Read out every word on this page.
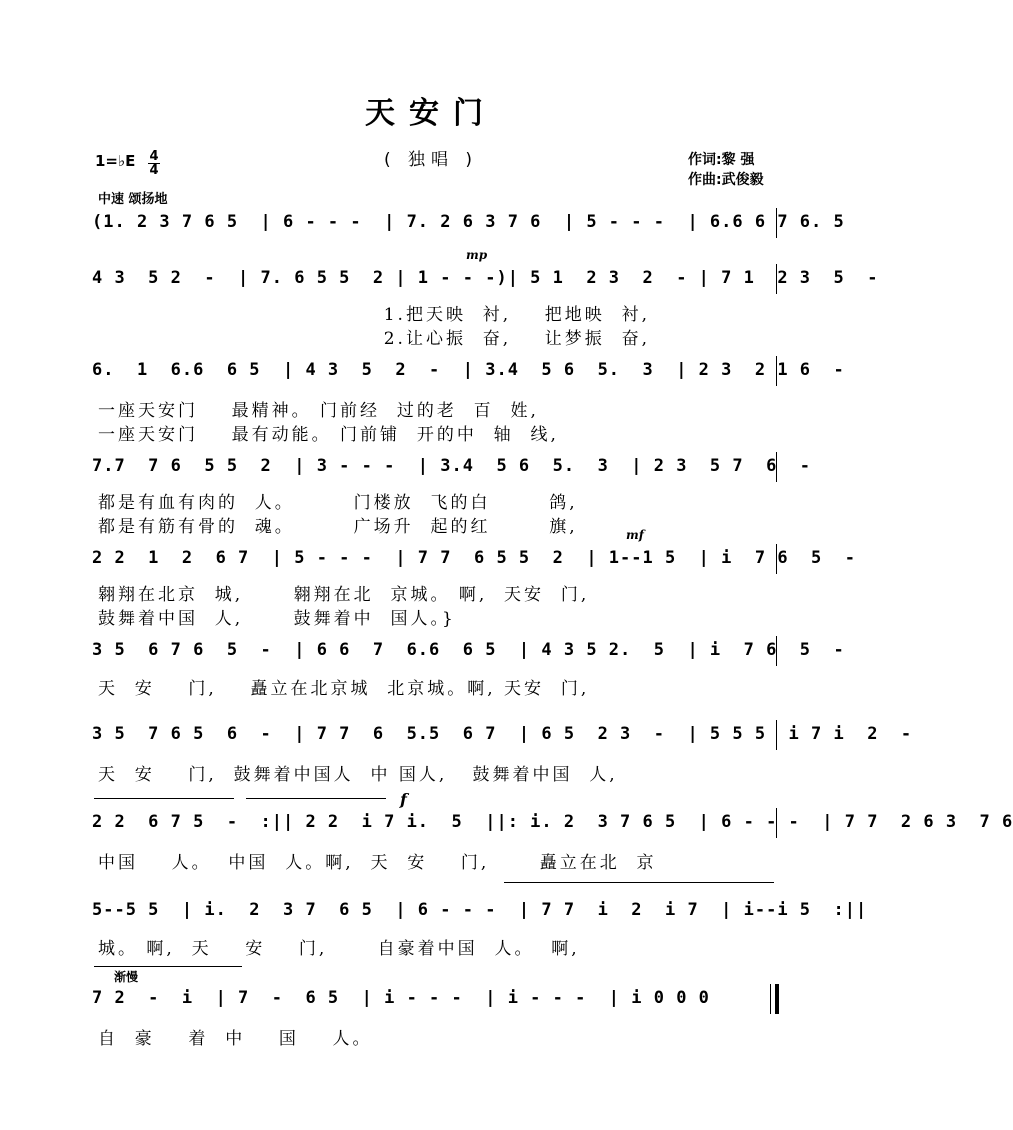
天安门
( 独唱 )
1=♭E 4
4
中速 颂扬地
作词:黎 强
作曲:武俊毅
(1. 2 3 7 6 5  | 6 - - -  | 7. 2 6 3 7 6  | 5 - - -  | 6.6 6 7 6. 5
mp
4 3  5 2  -  | 7. 6 5 5  2 | 1 - - -)| 5 1  2 3  2  - | 7 1  2 3  5  -
1.把天映  衬,    把地映  衬,
2.让心振  奋,    让梦振  奋,
6.  1  6.6  6 5  | 4 3  5  2  -  | 3.4  5 6  5.  3  | 2 3  2 1 6  -
一座天安门    最精神。 门前经  过的老  百  姓,
一座天安门    最有动能。 门前铺  开的中  轴  线,
7.7  7 6  5 5  2  | 3 - - -  | 3.4  5 6  5.  3  | 2 3  5 7  6  -
都是有血有肉的  人。       门楼放  飞的白       鸽,
都是有筋有骨的  魂。       广场升  起的红       旗,	mf
2 2  1  2  6 7  | 5 - - -  | 7 7  6 5 5  2  | 1--1 5  | i  7 6  5  -
翱翔在北京  城,      翱翔在北  京城。 啊,  天安  门,
鼓舞着中国  人,      鼓舞着中  国人。}
3 5  6 7 6  5  -  | 6 6  7  6.6  6 5  | 4 3 5 2.  5  | i  7 6  5  -
天  安    门,    矗立在北京城  北京城。啊, 天安  门,
3 5  7 6 5  6  -  | 7 7  6  5.5  6 7  | 6 5  2 3  -  | 5 5 5  i 7 i  2  -
天  安    门,  鼓舞着中国人  中 国人,   鼓舞着中国  人,
f
2 2  6 7 5  -  :|| 2 2  i 7 i.  5  ||: i. 2  3 7 6 5  | 6 - - -  | 7 7  2 6 3  7 6
中国    人。  中国  人。啊,  天  安    门,      矗立在北  京
5--5 5  | i.  2  3 7  6 5  | 6 - - -  | 7 7  i  2  i 7  | i--i 5  :||
城。 啊,  天    安    门,      自豪着中国  人。  啊,
渐慢
7 2  -  i  | 7  -  6 5  | i - - -  | i - - -  | i 0 0 0
自  豪    着  中    国    人。
